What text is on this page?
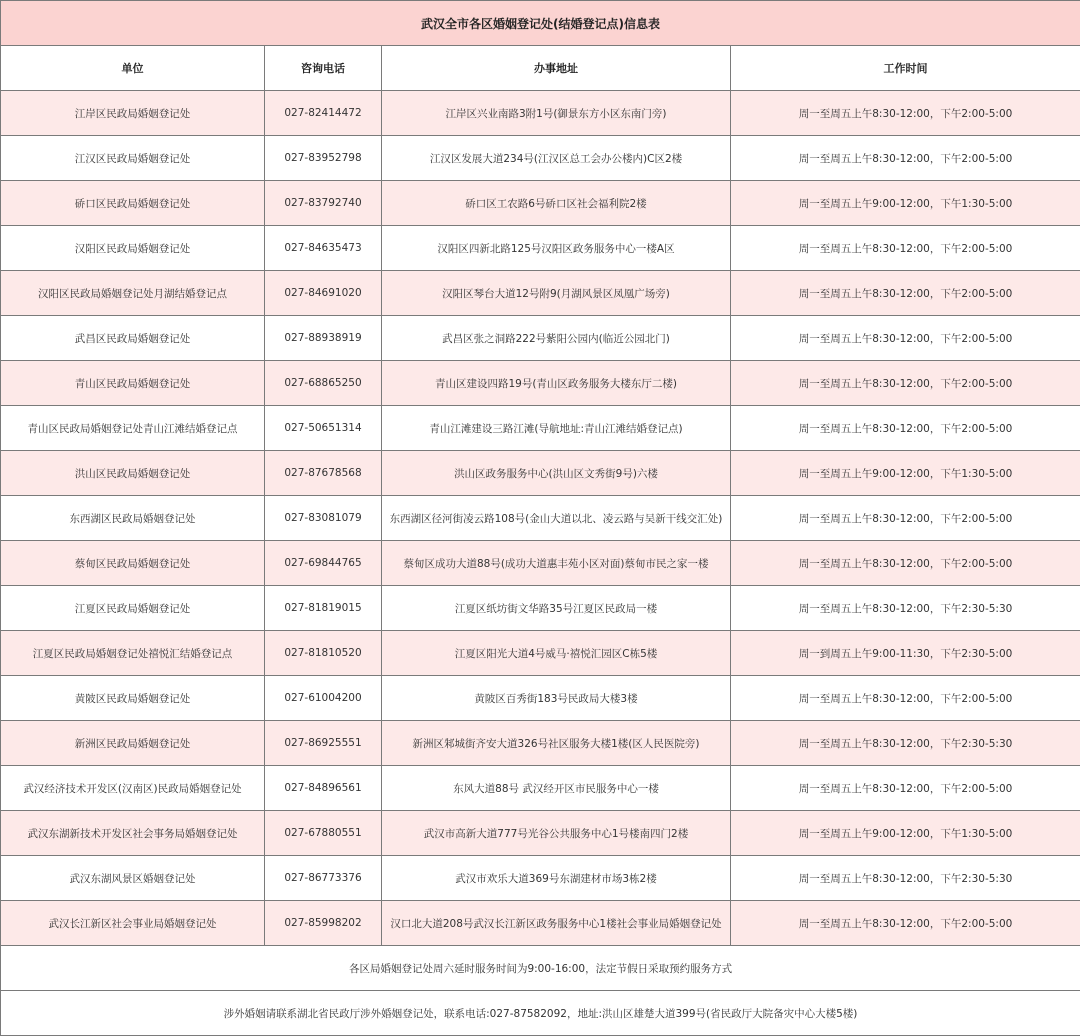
武汉全市各区婚姻登记处(结婚登记点)信息表			
单位	咨询电话	办事地址	工作时间
江岸区民政局婚姻登记处	027-82414472	江岸区兴业南路3附1号(御景东方小区东南门旁)	周一至周五上午8:30-12:00，下午2:00-5:00
江汉区民政局婚姻登记处	027-83952798	江汉区发展大道234号(江汉区总工会办公楼内)C区2楼	周一至周五上午8:30-12:00，下午2:00-5:00
硚口区民政局婚姻登记处	027-83792740	硚口区工农路6号硚口区社会福利院2楼	周一至周五上午9:00-12:00，下午1:30-5:00
汉阳区民政局婚姻登记处	027-84635473	汉阳区四新北路125号汉阳区政务服务中心一楼A区	周一至周五上午8:30-12:00，下午2:00-5:00
汉阳区民政局婚姻登记处月湖结婚登记点	027-84691020	汉阳区琴台大道12号附9(月湖风景区凤凰广场旁)	周一至周五上午8:30-12:00，下午2:00-5:00
武昌区民政局婚姻登记处	027-88938919	武昌区张之洞路222号紫阳公园内(临近公园北门)	周一至周五上午8:30-12:00，下午2:00-5:00
青山区民政局婚姻登记处	027-68865250	青山区建设四路19号(青山区政务服务大楼东厅二楼)	周一至周五上午8:30-12:00，下午2:00-5:00
青山区民政局婚姻登记处青山江滩结婚登记点	027-50651314	青山江滩建设三路江滩(导航地址:青山江滩结婚登记点)	周一至周五上午8:30-12:00，下午2:00-5:00
洪山区民政局婚姻登记处	027-87678568	洪山区政务服务中心(洪山区文秀街9号)六楼	周一至周五上午9:00-12:00，下午1:30-5:00
东西湖区民政局婚姻登记处	027-83081079	东西湖区径河街凌云路108号(金山大道以北、凌云路与吴新干线交汇处)	周一至周五上午8:30-12:00，下午2:00-5:00
蔡甸区民政局婚姻登记处	027-69844765	蔡甸区成功大道88号(成功大道惠丰苑小区对面)蔡甸市民之家一楼	周一至周五上午8:30-12:00，下午2:00-5:00
江夏区民政局婚姻登记处	027-81819015	江夏区纸坊街文华路35号江夏区民政局一楼	周一至周五上午8:30-12:00，下午2:30-5:30
江夏区民政局婚姻登记处禧悦汇结婚登记点	027-81810520	江夏区阳光大道4号威马·禧悦汇园区C栋5楼	周一到周五上午9:00-11:30，下午2:30-5:00
黄陂区民政局婚姻登记处	027-61004200	黄陂区百秀街183号民政局大楼3楼	周一至周五上午8:30-12:00，下午2:00-5:00
新洲区民政局婚姻登记处	027-86925551	新洲区邾城街齐安大道326号社区服务大楼1楼(区人民医院旁)	周一至周五上午8:30-12:00，下午2:30-5:30
武汉经济技术开发区(汉南区)民政局婚姻登记处	027-84896561	东风大道88号 武汉经开区市民服务中心一楼	周一至周五上午8:30-12:00，下午2:00-5:00
武汉东湖新技术开发区社会事务局婚姻登记处	027-67880551	武汉市高新大道777号光谷公共服务中心1号楼南四门2楼	周一至周五上午9:00-12:00，下午1:30-5:00
武汉东湖风景区婚姻登记处	027-86773376	武汉市欢乐大道369号东湖建材市场3栋2楼	周一至周五上午8:30-12:00，下午2:30-5:30
武汉长江新区社会事业局婚姻登记处	027-85998202	汉口北大道208号武汉长江新区政务服务中心1楼社会事业局婚姻登记处	周一至周五上午8:30-12:00，下午2:00-5:00
各区局婚姻登记处周六延时服务时间为9:00-16:00，法定节假日采取预约服务方式			
涉外婚姻请联系湖北省民政厅涉外婚姻登记处，联系电话:027-87582092，地址:洪山区雄楚大道399号(省民政厅大院备灾中心大楼5楼)			
